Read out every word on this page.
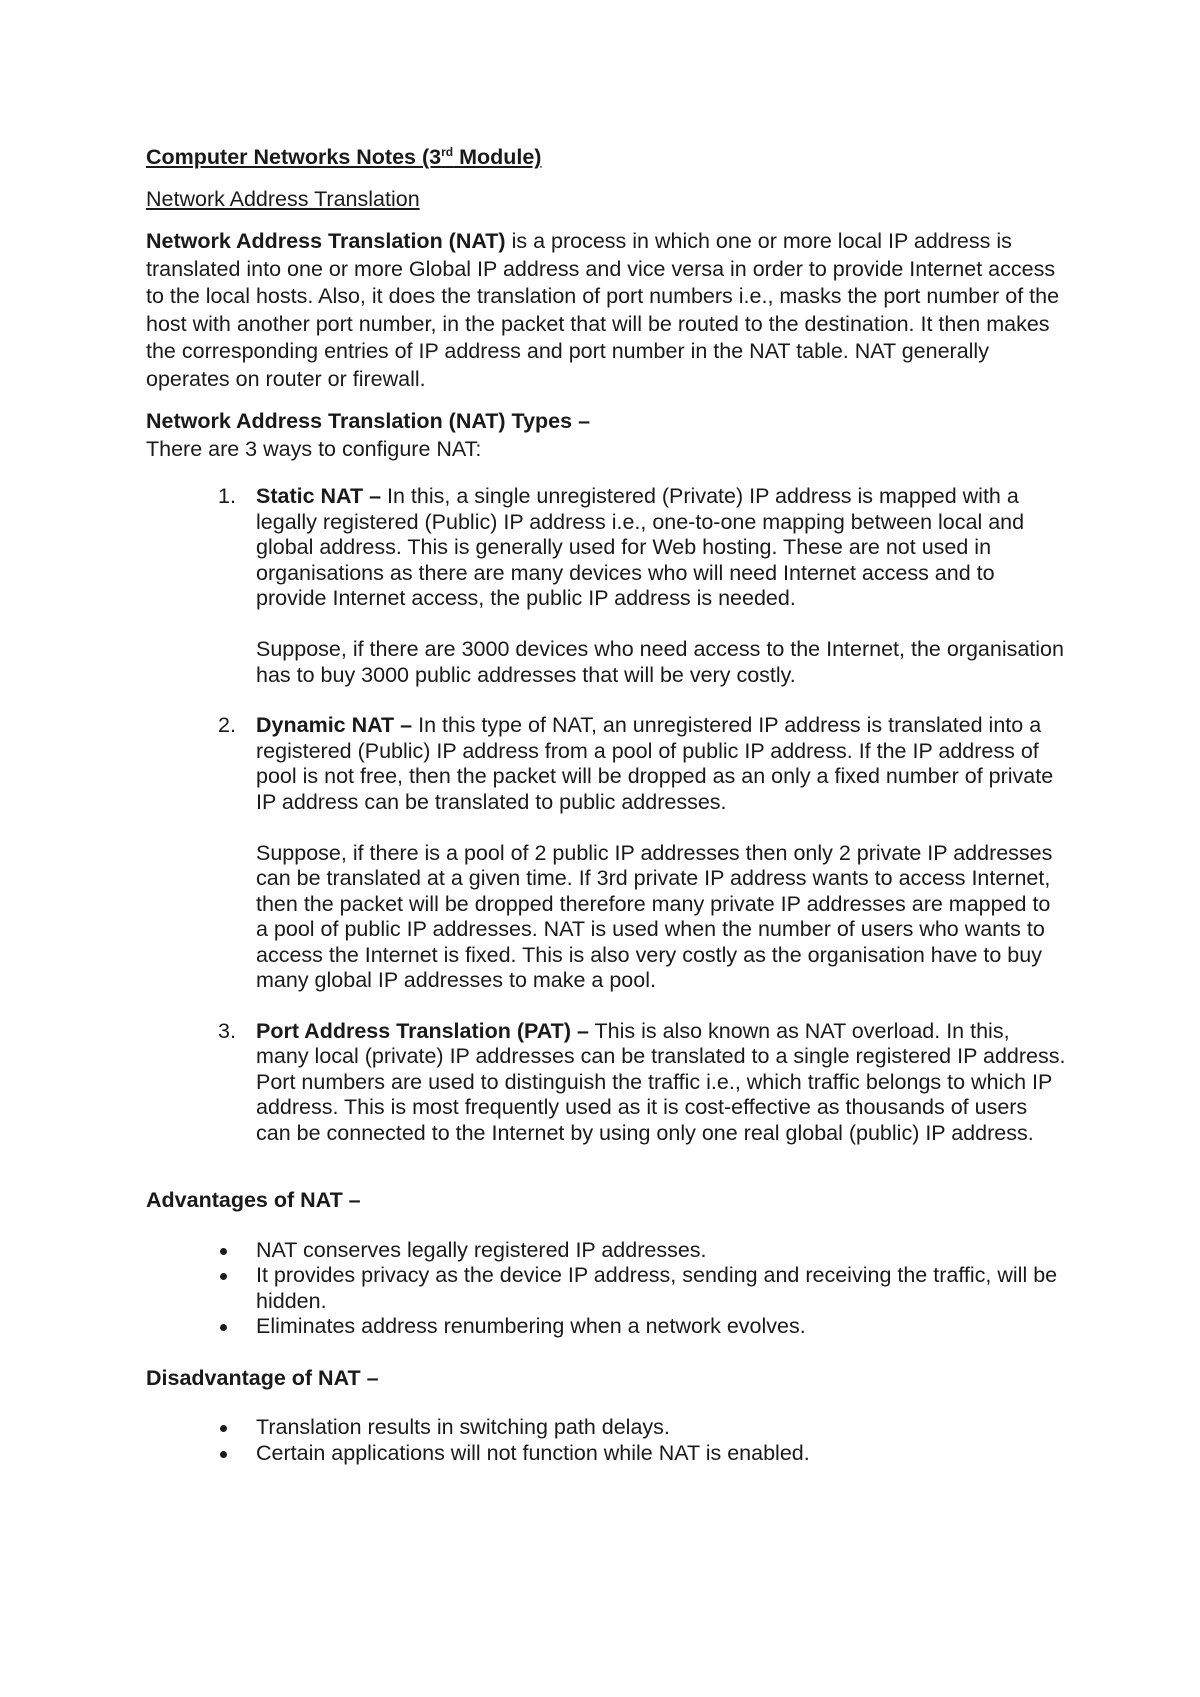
Computer Networks Notes (3rd Module)

Network Address Translation

Network Address Translation (NAT) is a process in which one or more local IP address is translated into one or more Global IP address and vice versa in order to provide Internet access to the local hosts. Also, it does the translation of port numbers i.e., masks the port number of the host with another port number, in the packet that will be routed to the destination. It then makes the corresponding entries of IP address and port number in the NAT table. NAT generally operates on router or firewall.

Network Address Translation (NAT) Types –

There are 3 ways to configure NAT:

1. Static NAT – In this, a single unregistered (Private) IP address is mapped with a legally registered (Public) IP address i.e., one-to-one mapping between local and global address. This is generally used for Web hosting. These are not used in organisations as there are many devices who will need Internet access and to provide Internet access, the public IP address is needed.

Suppose, if there are 3000 devices who need access to the Internet, the organisation has to buy 3000 public addresses that will be very costly.

2. Dynamic NAT – In this type of NAT, an unregistered IP address is translated into a registered (Public) IP address from a pool of public IP address. If the IP address of pool is not free, then the packet will be dropped as an only a fixed number of private IP address can be translated to public addresses.

Suppose, if there is a pool of 2 public IP addresses then only 2 private IP addresses can be translated at a given time. If 3rd private IP address wants to access Internet, then the packet will be dropped therefore many private IP addresses are mapped to a pool of public IP addresses. NAT is used when the number of users who wants to access the Internet is fixed. This is also very costly as the organisation have to buy many global IP addresses to make a pool.

3. Port Address Translation (PAT) – This is also known as NAT overload. In this, many local (private) IP addresses can be translated to a single registered IP address. Port numbers are used to distinguish the traffic i.e., which traffic belongs to which IP address. This is most frequently used as it is cost-effective as thousands of users can be connected to the Internet by using only one real global (public) IP address.

Advantages of NAT –

NAT conserves legally registered IP addresses.
It provides privacy as the device IP address, sending and receiving the traffic, will be hidden.
Eliminates address renumbering when a network evolves.

Disadvantage of NAT –

Translation results in switching path delays.
Certain applications will not function while NAT is enabled.
